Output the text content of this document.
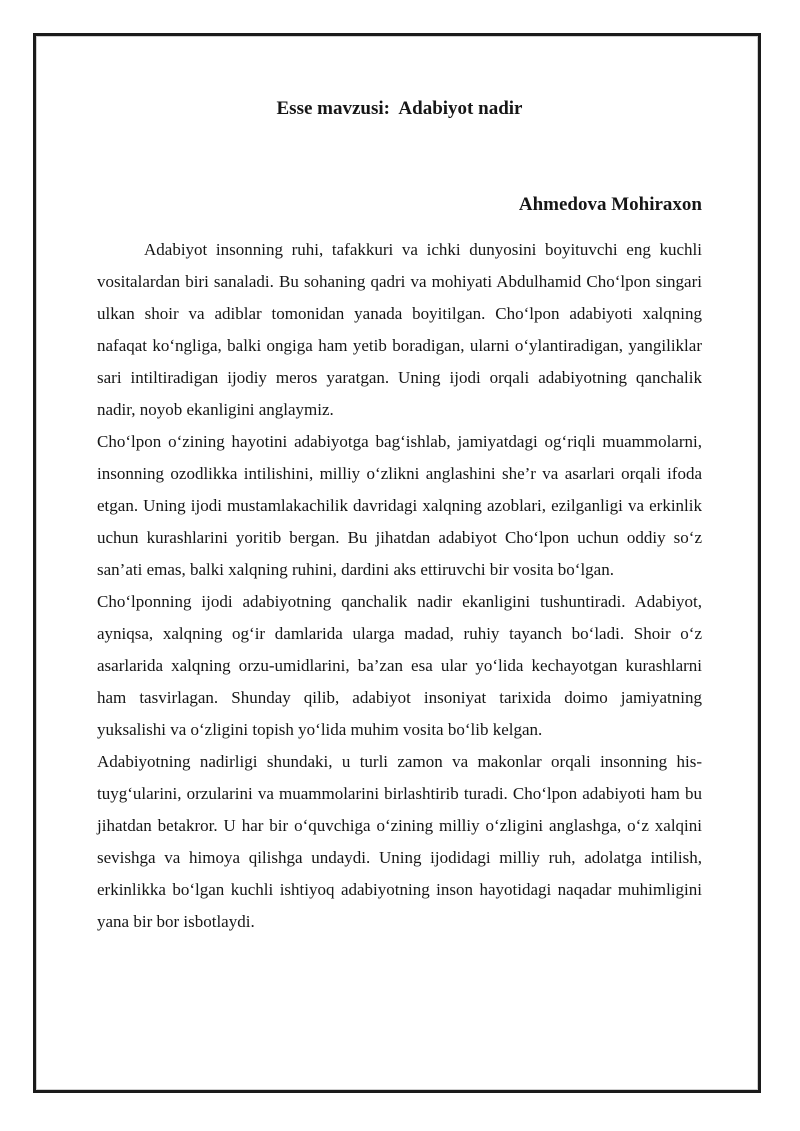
Esse mavzusi:  Adabiyot nadir

Ahmedova Mohiraxon

Adabiyot insonning ruhi, tafakkuri va ichki dunyosini boyituvchi eng kuchli vositalardan biri sanaladi. Bu sohaning qadri va mohiyati Abdulhamid Cho‘lpon singari ulkan shoir va adiblar tomonidan yanada boyitilgan. Cho‘lpon adabiyoti xalqning nafaqat ko‘ngliga, balki ongiga ham yetib boradigan, ularni o‘ylantiradigan, yangiliklar sari intiltiradigan ijodiy meros yaratgan. Uning ijodi orqali adabiyotning qanchalik nadir, noyob ekanligini anglaymiz.

Cho‘lpon o‘zining hayotini adabiyotga bag‘ishlab, jamiyatdagi og‘riqli muammolarni, insonning ozodlikka intilishini, milliy o‘zlikni anglashini she’r va asarlari orqali ifoda etgan. Uning ijodi mustamlakachilik davridagi xalqning azoblari, ezilganligi va erkinlik uchun kurashlarini yoritib bergan. Bu jihatdan adabiyot Cho‘lpon uchun oddiy so‘z san’ati emas, balki xalqning ruhini, dardini aks ettiruvchi bir vosita bo‘lgan.

Cho‘lponning ijodi adabiyotning qanchalik nadir ekanligini tushuntiradi. Adabiyot, ayniqsa, xalqning og‘ir damlarida ularga madad, ruhiy tayanch bo‘ladi. Shoir o‘z asarlarida xalqning orzu-umidlarini, ba’zan esa ular yo‘lida kechayotgan kurashlarni ham tasvirlagan. Shunday qilib, adabiyot insoniyat tarixida doimo jamiyatning yuksalishi va o‘zligini topish yo‘lida muhim vosita bo‘lib kelgan.

Adabiyotning nadirligi shundaki, u turli zamon va makonlar orqali insonning his-tuyg‘ularini, orzularini va muammolarini birlashtirib turadi. Cho‘lpon adabiyoti ham bu jihatdan betakror. U har bir o‘quvchiga o‘zining milliy o‘zligini anglashga, o‘z xalqini sevishga va himoya qilishga undaydi. Uning ijodidagi milliy ruh, adolatga intilish, erkinlikka bo‘lgan kuchli ishtiyoq adabiyotning inson hayotidagi naqadar muhimligini yana bir bor isbotlaydi.
